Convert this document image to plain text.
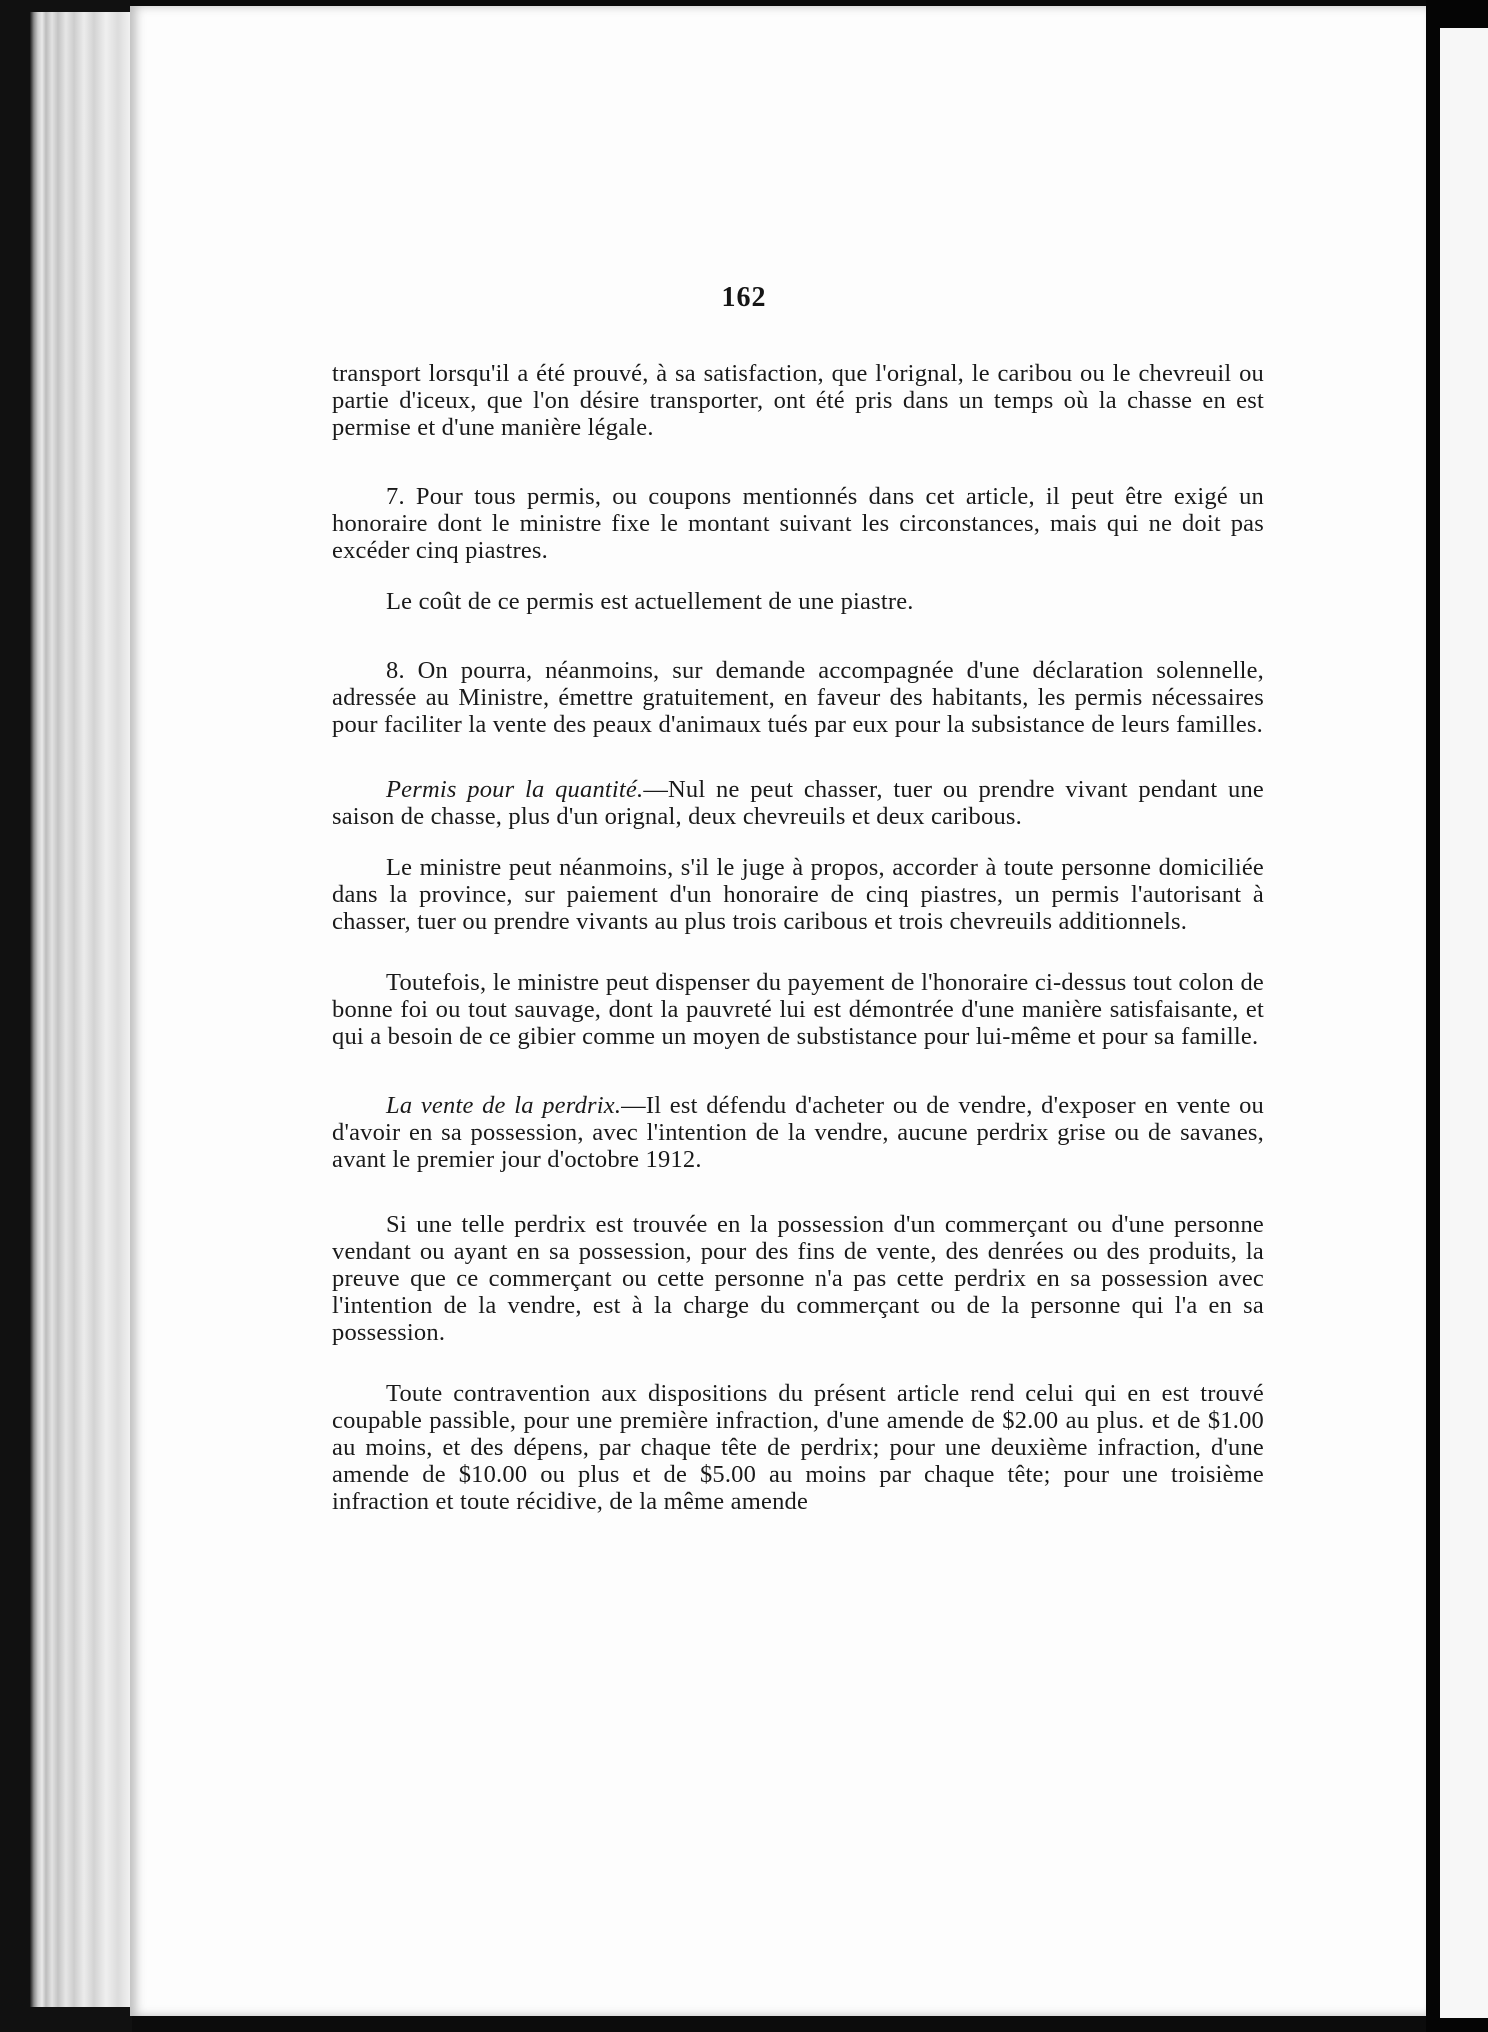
162

transport lorsqu'il a été prouvé, à sa satisfaction, que l'orignal, le caribou ou le chevreuil ou partie d'iceux, que l'on désire transporter, ont été pris dans un temps où la chasse en est permise et d'une manière légale.

7. Pour tous permis, ou coupons mentionnés dans cet article, il peut être exigé un honoraire dont le ministre fixe le montant suivant les circonstances, mais qui ne doit pas excéder cinq piastres.

Le coût de ce permis est actuellement de une piastre.

8. On pourra, néanmoins, sur demande accompagnée d'une déclaration solennelle, adressée au Ministre, émettre gratuitement, en faveur des habitants, les permis nécessaires pour faciliter la vente des peaux d'animaux tués par eux pour la subsistance de leurs familles.

Permis pour la quantité.—Nul ne peut chasser, tuer ou prendre vivant pendant une saison de chasse, plus d'un orignal, deux chevreuils et deux caribous.

Le ministre peut néanmoins, s'il le juge à propos, accorder à toute personne domiciliée dans la province, sur paiement d'un honoraire de cinq piastres, un permis l'autorisant à chasser, tuer ou prendre vivants au plus trois caribous et trois chevreuils additionnels.

Toutefois, le ministre peut dispenser du payement de l'honoraire ci-dessus tout colon de bonne foi ou tout sauvage, dont la pauvreté lui est démontrée d'une manière satisfaisante, et qui a besoin de ce gibier comme un moyen de substistance pour lui-même et pour sa famille.

La vente de la perdrix.—Il est défendu d'acheter ou de vendre, d'exposer en vente ou d'avoir en sa possession, avec l'intention de la vendre, aucune perdrix grise ou de savanes, avant le premier jour d'octobre 1912.

Si une telle perdrix est trouvée en la possession d'un commerçant ou d'une personne vendant ou ayant en sa possession, pour des fins de vente, des denrées ou des produits, la preuve que ce commerçant ou cette personne n'a pas cette perdrix en sa possession avec l'intention de la vendre, est à la charge du commerçant ou de la personne qui l'a en sa possession.

Toute contravention aux dispositions du présent article rend celui qui en est trouvé coupable passible, pour une première infraction, d'une amende de $2.00 au plus. et de $1.00 au moins, et des dépens, par chaque tête de perdrix; pour une deuxième infraction, d'une amende de $10.00 ou plus et de $5.00 au moins par chaque tête; pour une troisième infraction et toute récidive, de la même amende
